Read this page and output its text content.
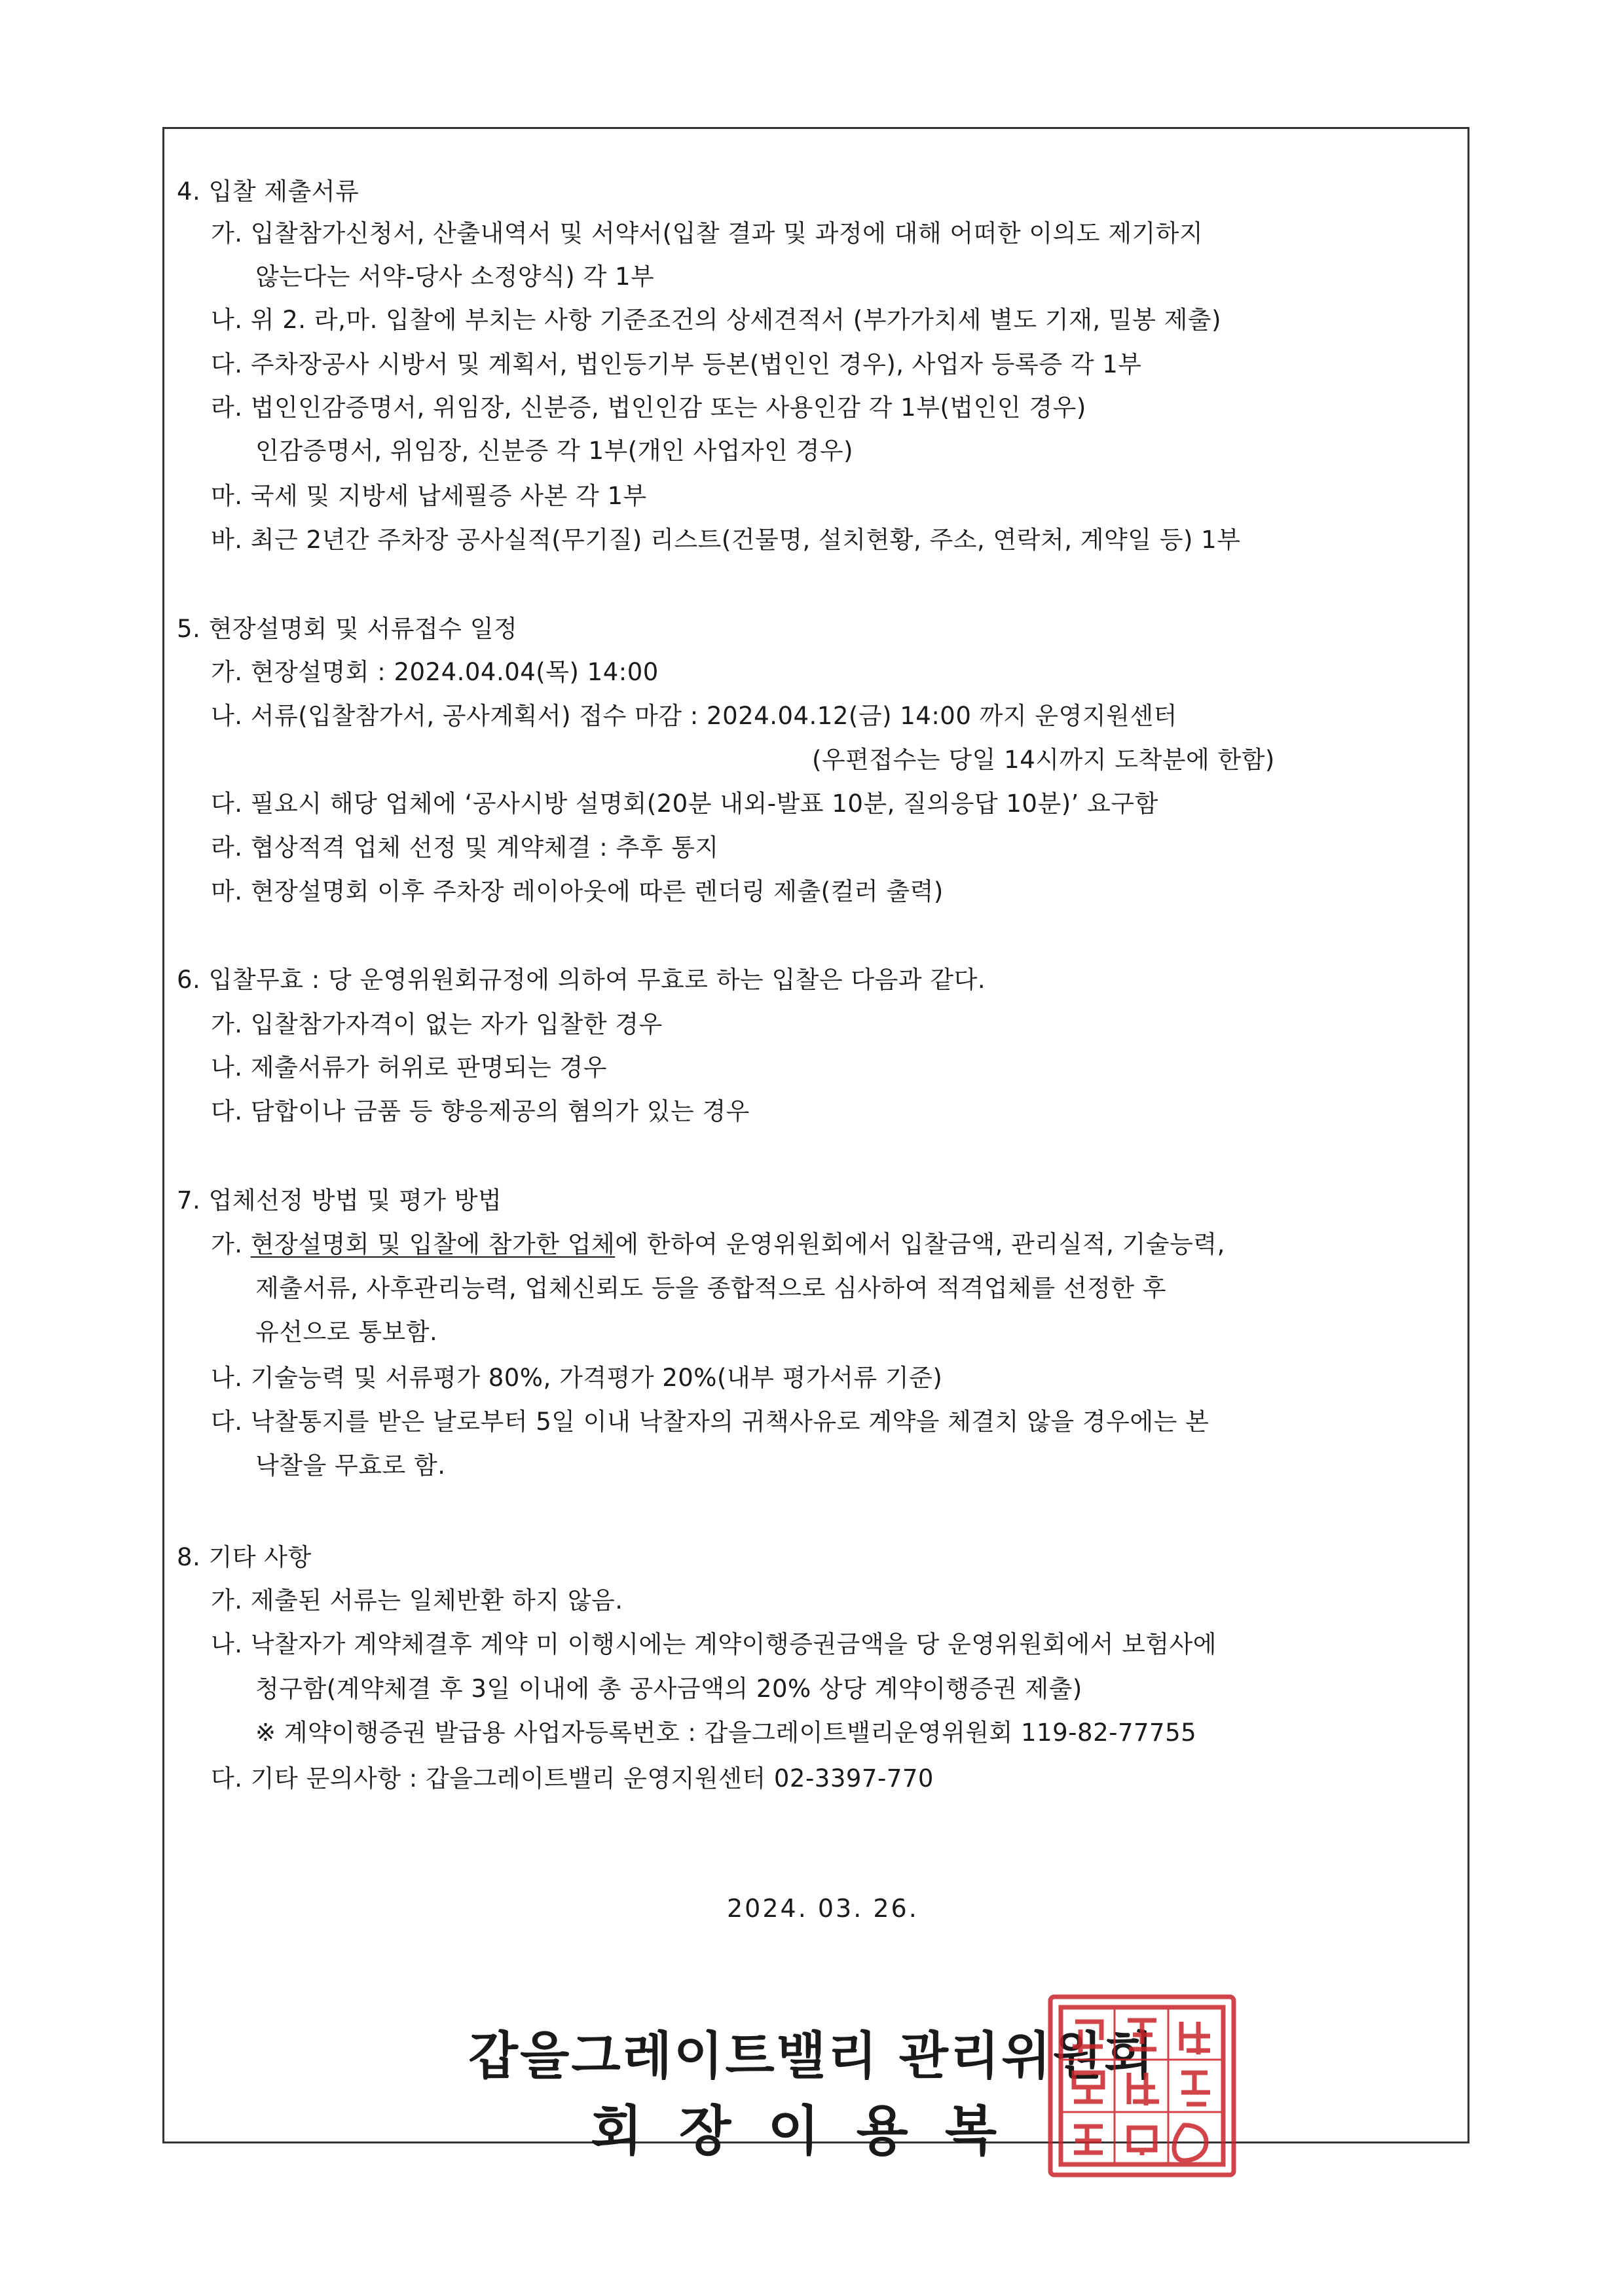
4. 입찰 제출서류
가. 입찰참가신청서, 산출내역서 및 서약서(입찰 결과 및 과정에 대해 어떠한 이의도 제기하지
않는다는 서약-당사 소정양식) 각 1부
나. 위 2. 라,마. 입찰에 부치는 사항 기준조건의 상세견적서 (부가가치세 별도 기재, 밀봉 제출)
다. 주차장공사 시방서 및 계획서, 법인등기부 등본(법인인 경우), 사업자 등록증 각 1부
라. 법인인감증명서, 위임장, 신분증, 법인인감 또는 사용인감 각 1부(법인인 경우)
인감증명서, 위임장, 신분증 각 1부(개인 사업자인 경우)
마. 국세 및 지방세 납세필증 사본 각 1부
바. 최근 2년간 주차장 공사실적(무기질) 리스트(건물명, 설치현황, 주소, 연락처, 계약일 등) 1부
5. 현장설명회 및 서류접수 일정
가. 현장설명회 : 2024.04.04(목) 14:00
나. 서류(입찰참가서, 공사계획서) 접수 마감 : 2024.04.12(금) 14:00 까지 운영지원센터
(우편접수는 당일 14시까지 도착분에 한함)
다. 필요시 해당 업체에 ‘공사시방 설명회(20분 내외-발표 10분, 질의응답 10분)’ 요구함
라. 협상적격 업체 선정 및 계약체결 : 추후 통지
마. 현장설명회 이후 주차장 레이아웃에 따른 렌더링 제출(컬러 출력)
6. 입찰무효 : 당 운영위원회규정에 의하여 무효로 하는 입찰은 다음과 같다.
가. 입찰참가자격이 없는 자가 입찰한 경우
나. 제출서류가 허위로 판명되는 경우
다. 담합이나 금품 등 향응제공의 혐의가 있는 경우
7. 업체선정 방법 및 평가 방법
가. 현장설명회 및 입찰에 참가한 업체에 한하여 운영위원회에서 입찰금액, 관리실적, 기술능력,
제출서류, 사후관리능력, 업체신뢰도 등을 종합적으로 심사하여 적격업체를 선정한 후
유선으로 통보함.
나. 기술능력 및 서류평가 80%, 가격평가 20%(내부 평가서류 기준)
다. 낙찰통지를 받은 날로부터 5일 이내 낙찰자의 귀책사유로 계약을 체결치 않을 경우에는 본
낙찰을 무효로 함.
8. 기타 사항
가. 제출된 서류는 일체반환 하지 않음.
나. 낙찰자가 계약체결후 계약 미 이행시에는 계약이행증권금액을 당 운영위원회에서 보험사에
청구함(계약체결 후 3일 이내에 총 공사금액의 20% 상당 계약이행증권 제출)
※ 계약이행증권 발급용 사업자등록번호 : 갑을그레이트밸리운영위원회 119-82-77755
다. 기타 문의사항 : 갑을그레이트밸리 운영지원센터 02-3397-770
2024. 03. 26.
갑을그레이트밸리 관리위원회
회장이용복
